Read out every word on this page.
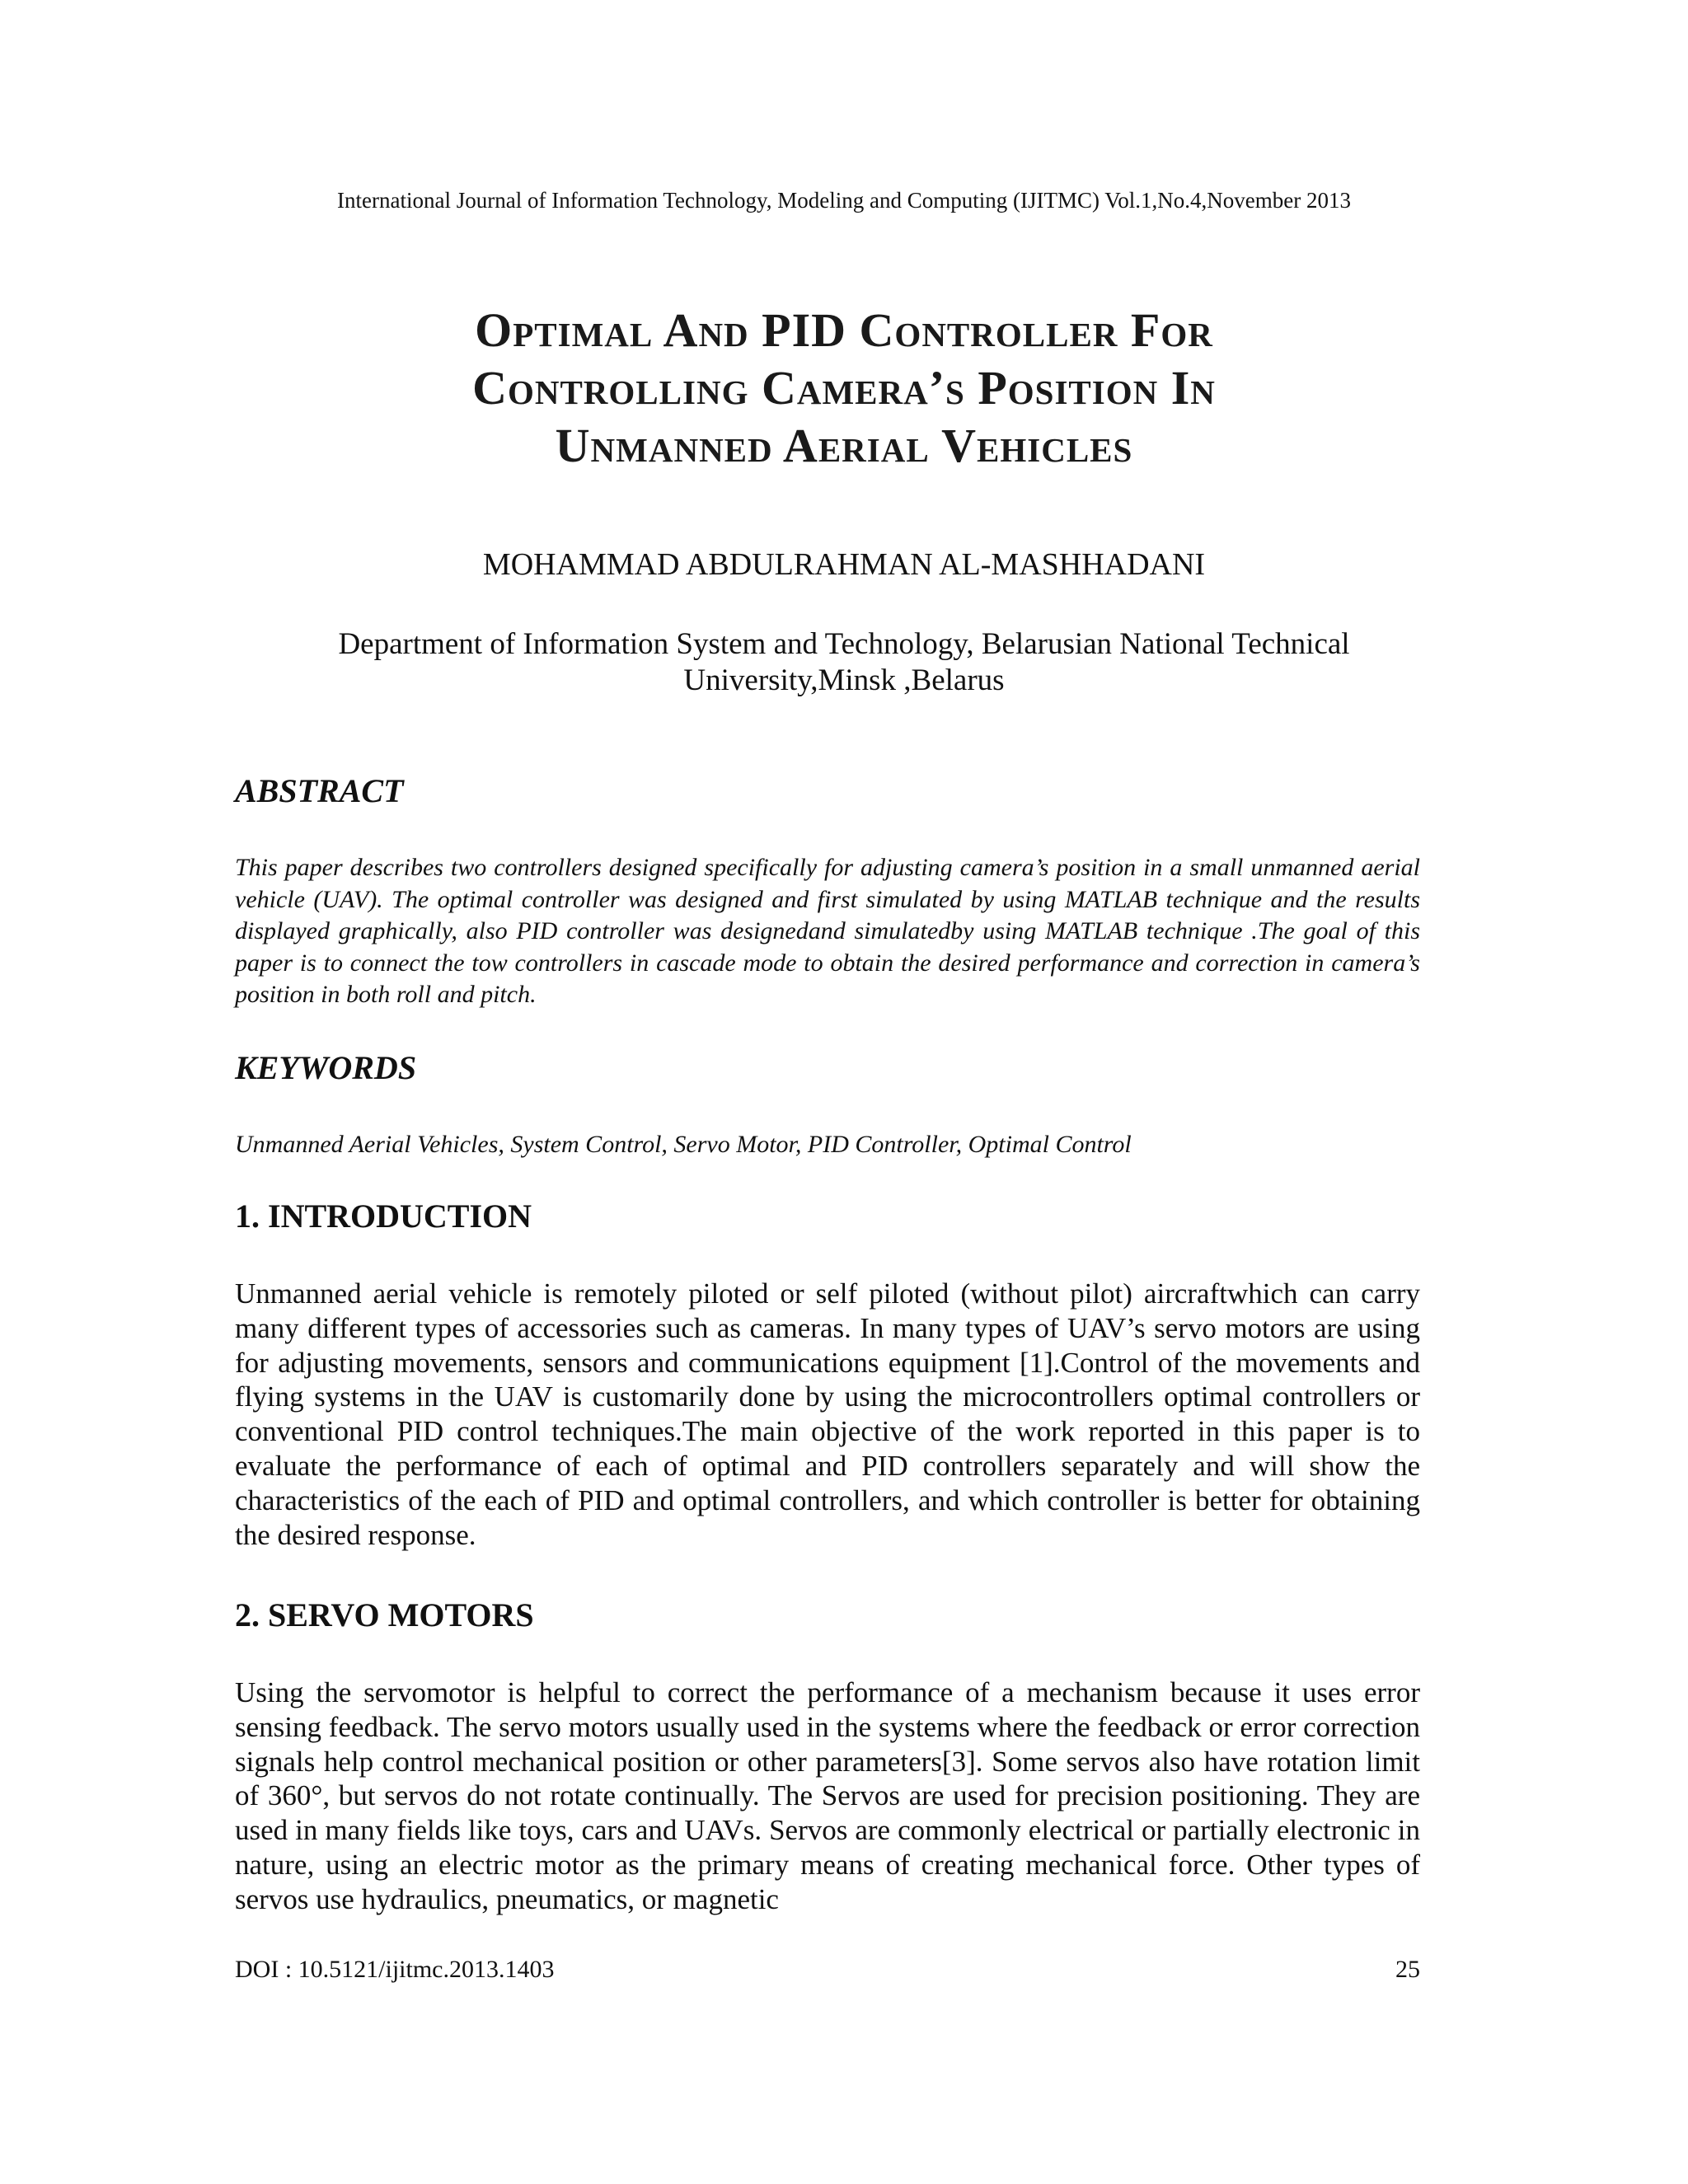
International Journal of Information Technology, Modeling and Computing (IJITMC) Vol.1,No.4,November 2013

Optimal And PID Controller For
Controlling Camera’s Position In
Unmanned Aerial Vehicles

MOHAMMAD ABDULRAHMAN AL-MASHHADANI

Department of Information System and Technology, Belarusian National Technical
University,Minsk ,Belarus

ABSTRACT

This paper describes two controllers designed specifically for adjusting camera’s position in a small unmanned aerial vehicle (UAV). The optimal controller was designed and first simulated by using MATLAB technique and the results displayed graphically, also PID controller was designedand simulatedby using MATLAB technique .The goal of this paper is to connect the tow controllers in cascade mode to obtain the desired performance and correction in camera’s position in both roll and pitch.

KEYWORDS

Unmanned Aerial Vehicles, System Control, Servo Motor, PID Controller, Optimal Control

1. INTRODUCTION

Unmanned aerial vehicle is remotely piloted or self piloted (without pilot) aircraftwhich can carry many different types of accessories such as cameras. In many types of UAV’s servo motors are using for adjusting movements, sensors and communications equipment [1].Control of the movements and flying systems in the UAV is customarily done by using the microcontrollers optimal controllers or conventional PID control techniques.The main objective of the work reported in this paper is to evaluate the performance of each of optimal and PID controllers separately and will show the characteristics of the each of PID and optimal controllers, and which controller is better for obtaining the desired response.

2. SERVO MOTORS

Using the servomotor is helpful to correct the performance of a mechanism because it uses error sensing feedback. The servo motors usually used in the systems where the feedback or error correction signals help control mechanical position or other parameters[3]. Some servos also have rotation limit of 360°, but servos do not rotate continually. The Servos are used for precision positioning. They are used in many fields like toys, cars and UAVs. Servos are commonly electrical or partially electronic in nature, using an electric motor as the primary means of creating mechanical force. Other types of servos use hydraulics, pneumatics, or magnetic

DOI : 10.5121/ijitmc.2013.1403	25
